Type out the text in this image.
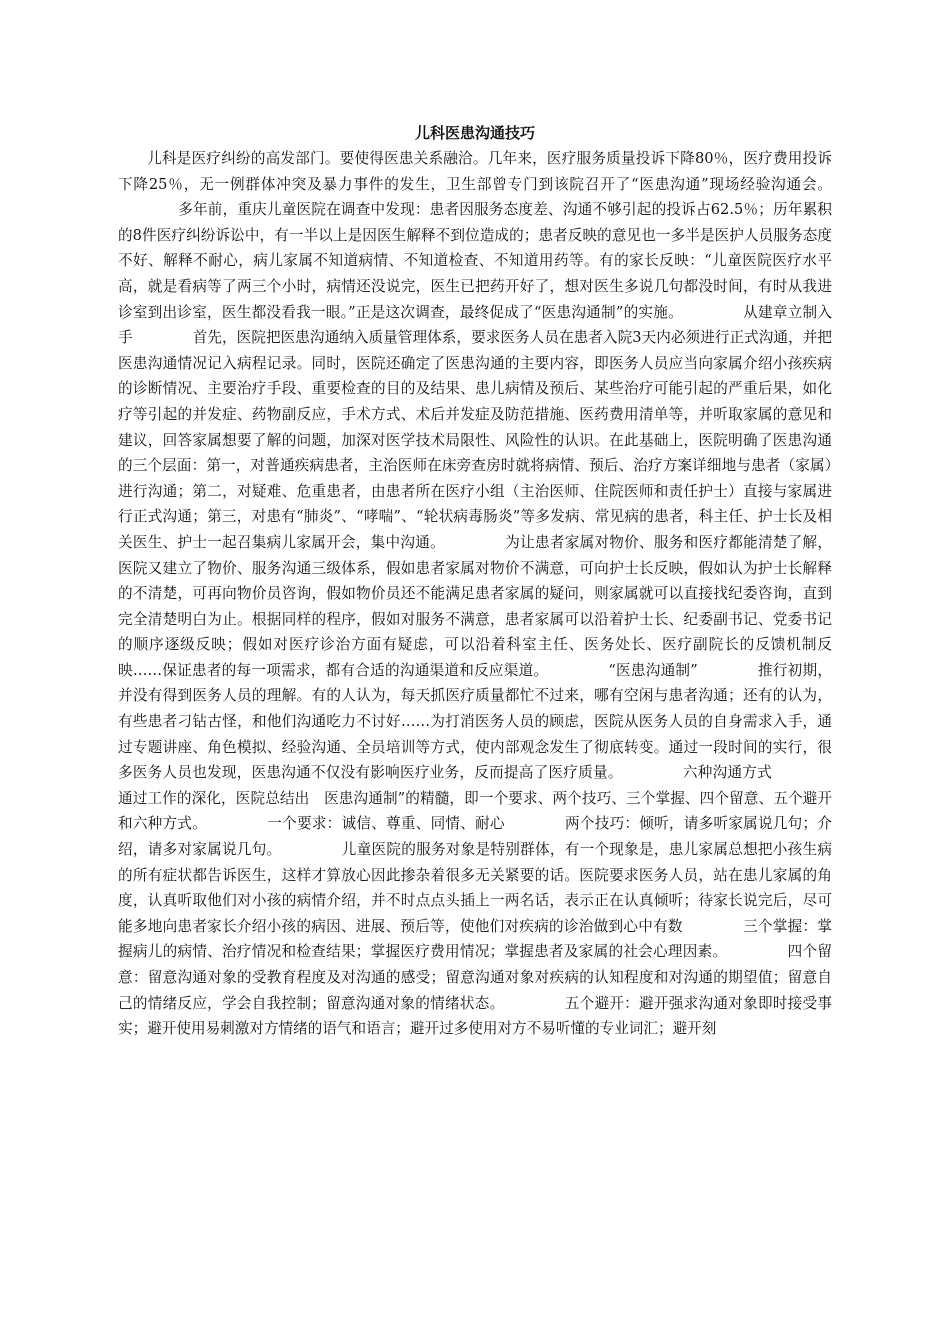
儿科医患沟通技巧

儿科是医疗纠纷的高发部门。要使得医患关系融洽。几年来，医疗服务质量投诉下降80％，医疗费用投诉下降25％，无一例群体冲突及暴力事件的发生，卫生部曾专门到该院召开了“医患沟通”现场经验沟通会。多年前，重庆儿童医院在调查中发现：患者因服务态度差、沟通不够引起的投诉占62.5％；历年累积的8件医疗纠纷诉讼中，有一半以上是因医生解释不到位造成的；患者反映的意见也一多半是医护人员服务态度不好、解释不耐心，病儿家属不知道病情、不知道检查、不知道用药等。有的家长反映：“儿童医院医疗水平高，就是看病等了两三个小时，病情还没说完，医生已把药开好了，想对医生多说几句都没时间，有时从我进诊室到出诊室，医生都没看我一眼。”正是这次调查，最终促成了“医患沟通制”的实施。	从建章立制入手	首先，医院把医患沟通纳入质量管理体系，要求医务人员在患者入院3天内必须进行正式沟通，并把医患沟通情况记入病程记录。同时，医院还确定了医患沟通的主要内容，即医务人员应当向家属介绍小孩疾病的诊断情况、主要治疗手段、重要检查的目的及结果、患儿病情及预后、某些治疗可能引起的严重后果，如化疗等引起的并发症、药物副反应，手术方式、术后并发症及防范措施、医药费用清单等，并听取家属的意见和建议，回答家属想要了解的问题，加深对医学技术局限性、风险性的认识。在此基础上，医院明确了医患沟通的三个层面：第一，对普通疾病患者，主治医师在床旁查房时就将病情、预后、治疗方案详细地与患者（家属）进行沟通；第二，对疑难、危重患者，由患者所在医疗小组（主治医师、住院医师和责任护士）直接与家属进行正式沟通；第三，对患有“肺炎”、“哮喘”、“轮状病毒肠炎”等多发病、常见病的患者，科主任、护士长及相关医生、护士一起召集病儿家属开会，集中沟通。	为让患者家属对物价、服务和医疗都能清楚了解，医院又建立了物价、服务沟通三级体系，假如患者家属对物价不满意，可向护士长反映，假如认为护士长解释的不清楚，可再向物价员咨询，假如物价员还不能满足患者家属的疑问，则家属就可以直接找纪委咨询，直到完全清楚明白为止。根据同样的程序，假如对服务不满意，患者家属可以沿着护士长、纪委副书记、党委书记的顺序逐级反映；假如对医疗诊治方面有疑虑，可以沿着科室主任、医务处长、医疗副院长的反馈机制反映……保证患者的每一项需求，都有合适的沟通渠道和反应渠道。	“医患沟通制”	推行初期，并没有得到医务人员的理解。有的人认为，每天抓医疗质量都忙不过来，哪有空闲与患者沟通；还有的认为，有些患者刁钻古怪，和他们沟通吃力不讨好……为打消医务人员的顾虑，医院从医务人员的自身需求入手，通过专题讲座、角色模拟、经验沟通、全员培训等方式，使内部观念发生了彻底转变。通过一段时间的实行，很多医务人员也发现，医患沟通不仅没有影响医疗业务，反而提高了医疗质量。	六种沟通方式通过工作的深化，医院总结出　医患沟通制”的精髓，即一个要求、两个技巧、三个掌握、四个留意、五个避开和六种方式。	一个要求：诚信、尊重、同情、耐心	两个技巧：倾听，请多听家属说几句；介绍，请多对家属说几句。	儿童医院的服务对象是特别群体，有一个现象是，患儿家属总想把小孩生病的所有症状都告诉医生，这样才算放心因此掺杂着很多无关紧要的话。医院要求医务人员，站在患儿家属的角度，认真听取他们对小孩的病情介绍，并不时点点头插上一两名话，表示正在认真倾听；待家长说完后，尽可能多地向患者家长介绍小孩的病因、进展、预后等，使他们对疾病的诊治做到心中有数	三个掌握：掌握病儿的病情、治疗情况和检查结果；掌握医疗费用情况；掌握患者及家属的社会心理因素。	四个留意：留意沟通对象的受教育程度及对沟通的感受；留意沟通对象对疾病的认知程度和对沟通的期望值；留意自己的情绪反应，学会自我控制；留意沟通对象的情绪状态。	五个避开：避开强求沟通对象即时接受事实；避开使用易刺激对方情绪的语气和语言；避开过多使用对方不易听懂的专业词汇；避开刻
